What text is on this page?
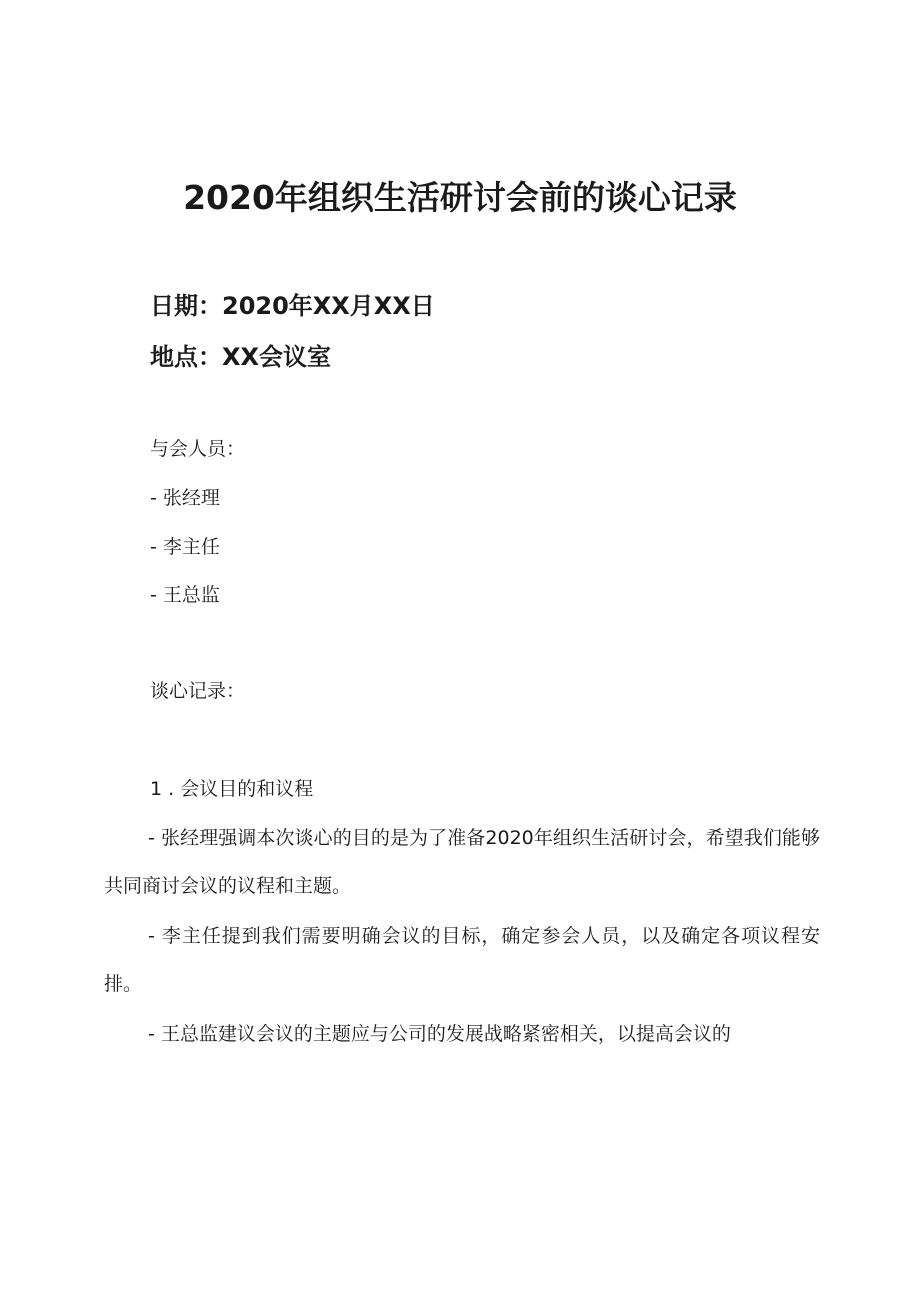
2020年组织生活研讨会前的谈心记录

日期：2020年XX月XX日

地点：XX会议室

与会人员：

- 张经理

- 李主任

- 王总监

谈心记录：

1 . 会议目的和议程

- 张经理强调本次谈心的目的是为了准备2020年组织生活研讨会，希望我们能够共同商讨会议的议程和主题。

- 李主任提到我们需要明确会议的目标，确定参会人员，以及确定各项议程安排。

- 王总监建议会议的主题应与公司的发展战略紧密相关，以提高会议的
